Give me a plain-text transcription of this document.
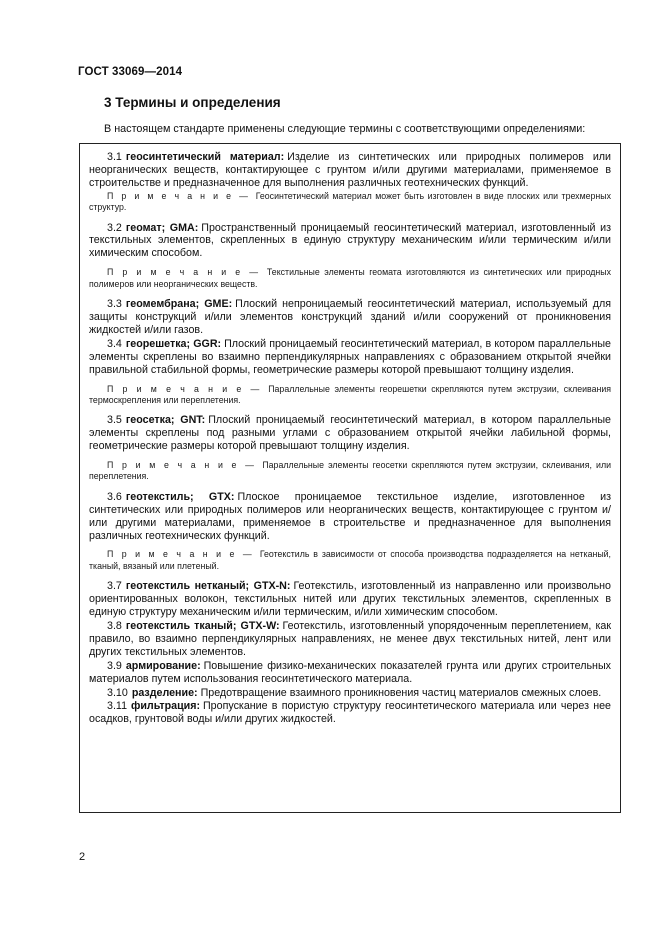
ГОСТ 33069—2014
3 Термины и определения
В настоящем стандарте применены следующие термины с соответствующими определениями:

3.1 геосинтетический материал: Изделие из синтетических или природных полимеров или неорганических веществ, контактирующее с грунтом и/или другими материалами, применяемое в строительстве и предназначенное для выполнения различных геотехнических функций.

П р и м е ч а н и е — Геосинтетический материал может быть изготовлен в виде плоских или трехмерных структур.

3.2 геомат; GMA: Пространственный проницаемый геосинтетический материал, изготовленный из текстильных элементов, скрепленных в единую структуру механическим и/или термическим и/или химическим способом.

П р и м е ч а н и е — Текстильные элементы геомата изготовляются из синтетических или природных полимеров или неорганических веществ.

3.3 геомембрана; GME: Плоский непроницаемый геосинтетический материал, используемый для защиты конструкций и/или элементов конструкций зданий и/или сооружений от проникновения жидкостей и/или газов.

3.4 георешетка; GGR: Плоский проницаемый геосинтетический материал, в котором параллельные элементы скреплены во взаимно перпендикулярных направлениях с образованием открытой ячейки правильной стабильной формы, геометрические размеры которой превышают толщину изделия.

П р и м е ч а н и е — Параллельные элементы георешетки скрепляются путем экструзии, склеивания термоскрепления или переплетения.

3.5 геосетка; GNT: Плоский проницаемый геосинтетический материал, в котором параллельные элементы скреплены под разными углами с образованием открытой ячейки лабильной формы, геометрические размеры которой превышают толщину изделия.

П р и м е ч а н и е — Параллельные элементы геосетки скрепляются путем экструзии, склеивания, или переплетения.

3.6 геотекстиль; GTX: Плоское проницаемое текстильное изделие, изготовленное из синтетических или природных полимеров или неорганических веществ, контактирующее с грунтом и/или другими материалами, применяемое в строительстве и предназначенное для выполнения различных геотехнических функций.

П р и м е ч а н и е — Геотекстиль в зависимости от способа производства подразделяется на нетканый, тканый, вязаный или плетеный.

3.7 геотекстиль нетканый; GTX-N: Геотекстиль, изготовленный из направленно или произвольно ориентированных волокон, текстильных нитей или других текстильных элементов, скрепленных в единую структуру механическим и/или термическим, и/или химическим способом.

3.8 геотекстиль тканый; GTX-W: Геотекстиль, изготовленный упорядоченным переплетением, как правило, во взаимно перпендикулярных направлениях, не менее двух текстильных нитей, лент или других текстильных элементов.

3.9 армирование: Повышение физико-механических показателей грунта или других строительных материалов путем использования геосинтетического материала.

3.10 разделение: Предотвращение взаимного проникновения частиц материалов смежных слоев.

3.11 фильтрация: Пропускание в пористую структуру геосинтетического материала или через нее осадков, грунтовой воды и/или других жидкостей.

2
